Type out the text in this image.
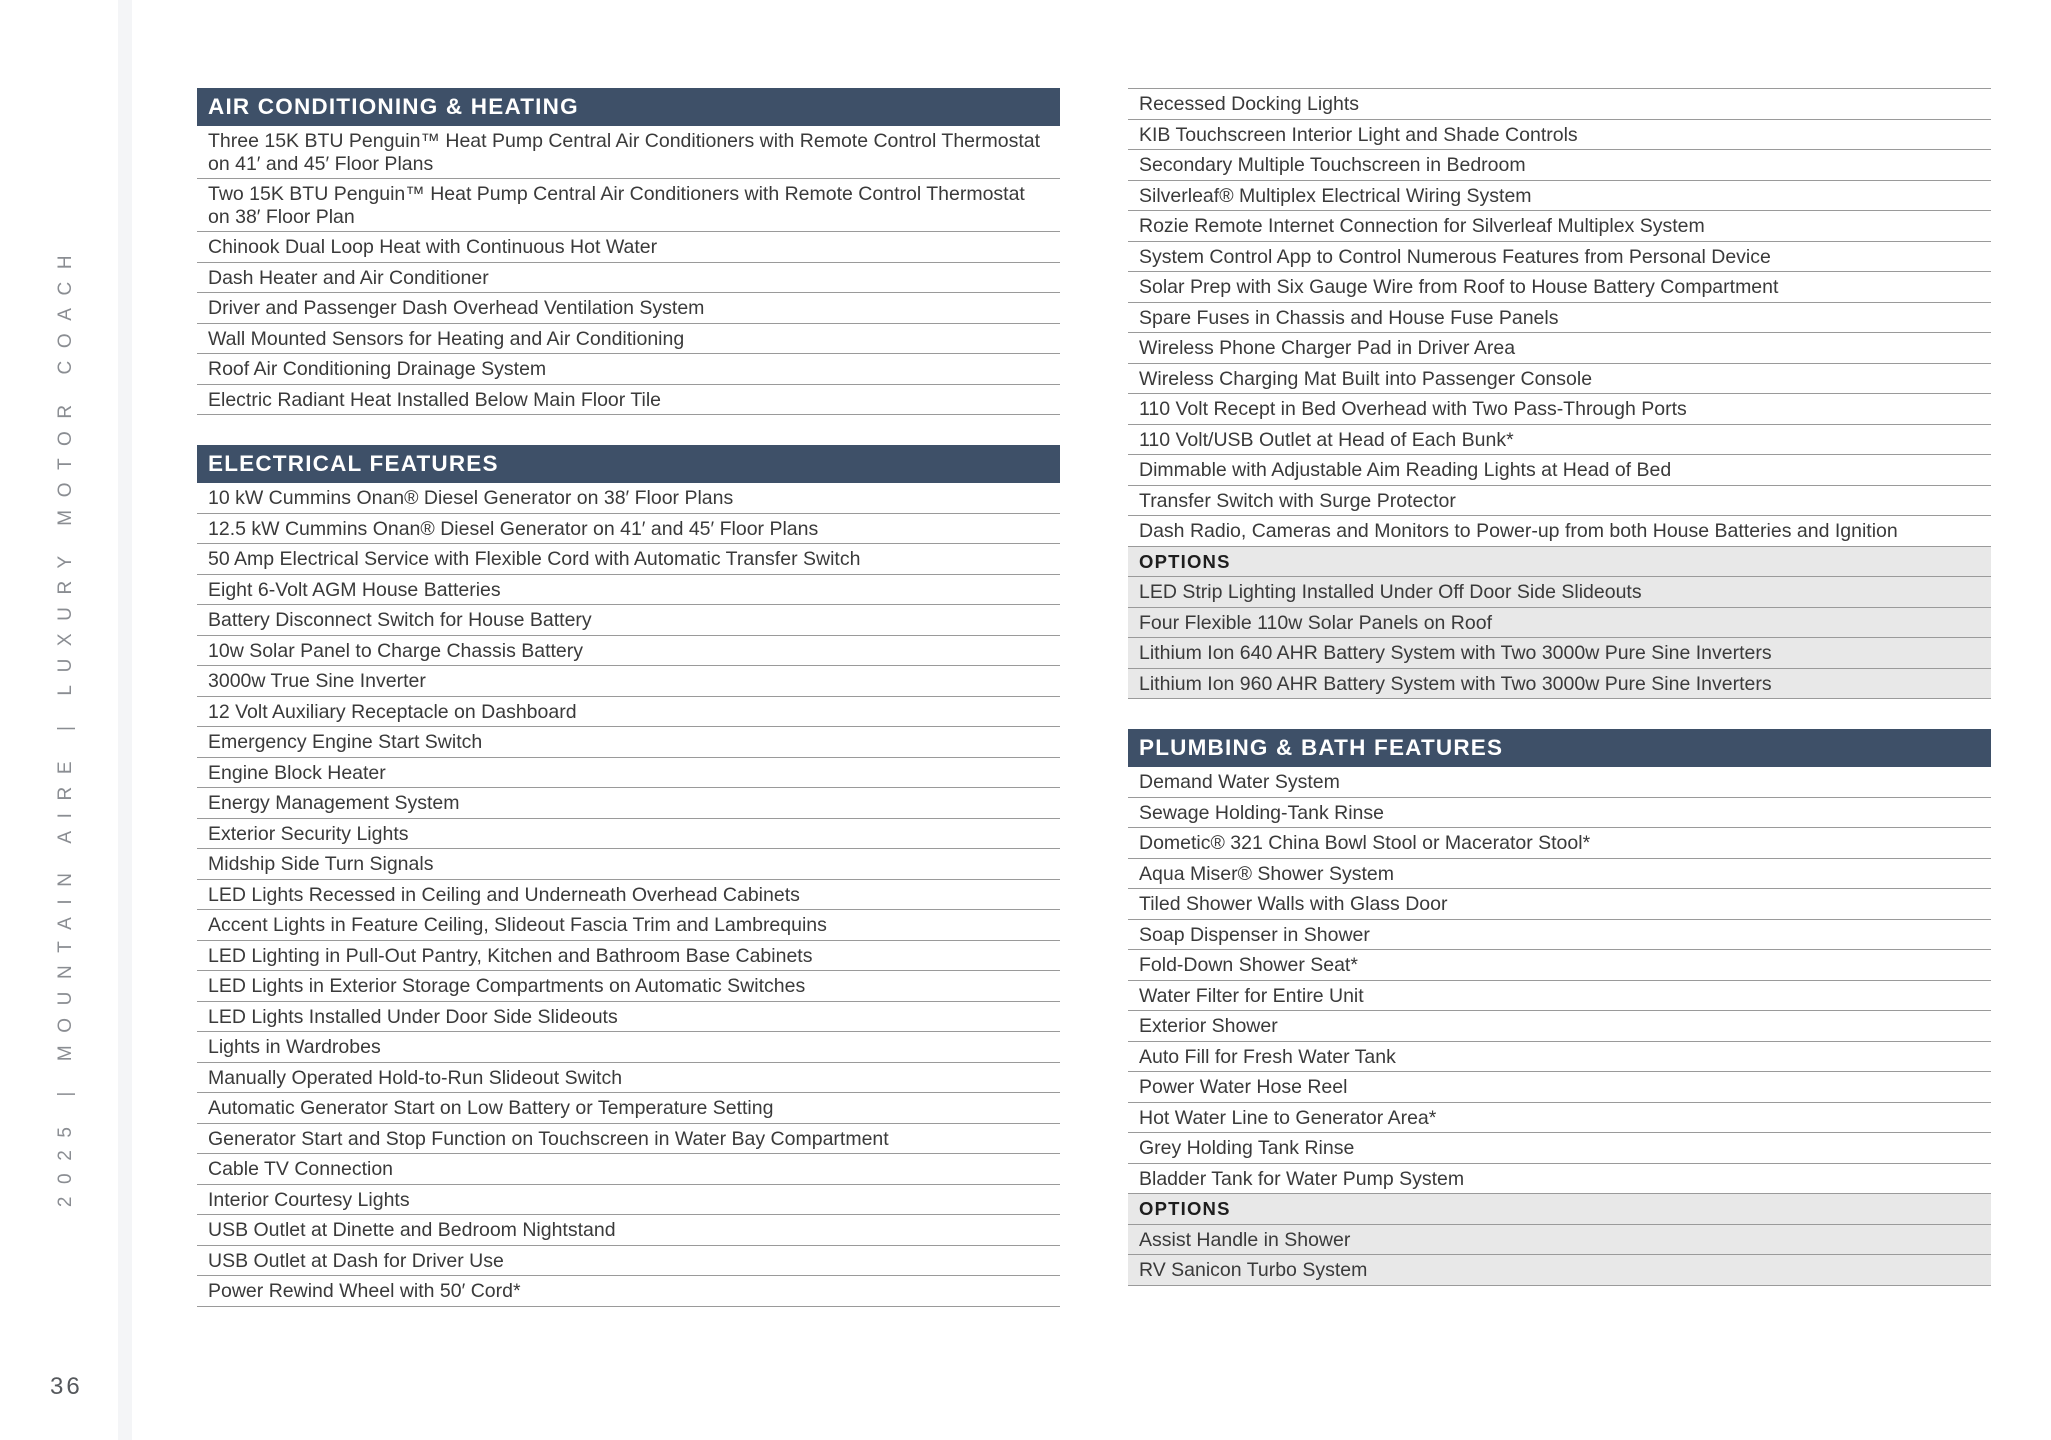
2025 | MOUNTAIN AIRE | LUXURY MOTOR COACH
36
AIR CONDITIONING & HEATING
Three 15K BTU Penguin™ Heat Pump Central Air Conditioners with Remote Control Thermostat on 41′ and 45′ Floor Plans
Two 15K BTU Penguin™ Heat Pump Central Air Conditioners with Remote Control Thermostat on 38′ Floor Plan
Chinook Dual Loop Heat with Continuous Hot Water
Dash Heater and Air Conditioner
Driver and Passenger Dash Overhead Ventilation System
Wall Mounted Sensors for Heating and Air Conditioning
Roof Air Conditioning Drainage System
Electric Radiant Heat Installed Below Main Floor Tile
ELECTRICAL FEATURES
10 kW Cummins Onan® Diesel Generator on 38′ Floor Plans
12.5 kW Cummins Onan® Diesel Generator on 41′ and 45′ Floor Plans
50 Amp Electrical Service with Flexible Cord with Automatic Transfer Switch
Eight 6-Volt AGM House Batteries
Battery Disconnect Switch for House Battery
10w Solar Panel to Charge Chassis Battery
3000w True Sine Inverter
12 Volt Auxiliary Receptacle on Dashboard
Emergency Engine Start Switch
Engine Block Heater
Energy Management System
Exterior Security Lights
Midship Side Turn Signals
LED Lights Recessed in Ceiling and Underneath Overhead Cabinets
Accent Lights in Feature Ceiling, Slideout Fascia Trim and Lambrequins
LED Lighting in Pull-Out Pantry, Kitchen and Bathroom Base Cabinets
LED Lights in Exterior Storage Compartments on Automatic Switches
LED Lights Installed Under Door Side Slideouts
Lights in Wardrobes
Manually Operated Hold-to-Run Slideout Switch
Automatic Generator Start on Low Battery or Temperature Setting
Generator Start and Stop Function on Touchscreen in Water Bay Compartment
Cable TV Connection
Interior Courtesy Lights
USB Outlet at Dinette and Bedroom Nightstand
USB Outlet at Dash for Driver Use
Power Rewind Wheel with 50′ Cord*
Recessed Docking Lights
KIB Touchscreen Interior Light and Shade Controls
Secondary Multiple Touchscreen in Bedroom
Silverleaf® Multiplex Electrical Wiring System
Rozie Remote Internet Connection for Silverleaf Multiplex System
System Control App to Control Numerous Features from Personal Device
Solar Prep with Six Gauge Wire from Roof to House Battery Compartment
Spare Fuses in Chassis and House Fuse Panels
Wireless Phone Charger Pad in Driver Area
Wireless Charging Mat Built into Passenger Console
110 Volt Recept in Bed Overhead with Two Pass-Through Ports
110 Volt/USB Outlet at Head of Each Bunk*
Dimmable with Adjustable Aim Reading Lights at Head of Bed
Transfer Switch with Surge Protector
Dash Radio, Cameras and Monitors to Power-up from both House Batteries and Ignition
OPTIONS
LED Strip Lighting Installed Under Off Door Side Slideouts
Four Flexible 110w Solar Panels on Roof
Lithium Ion 640 AHR Battery System with Two 3000w Pure Sine Inverters
Lithium Ion 960 AHR Battery System with Two 3000w Pure Sine Inverters
PLUMBING & BATH FEATURES
Demand Water System
Sewage Holding-Tank Rinse
Dometic® 321 China Bowl Stool or Macerator Stool*
Aqua Miser® Shower System
Tiled Shower Walls with Glass Door
Soap Dispenser in Shower
Fold-Down Shower Seat*
Water Filter for Entire Unit
Exterior Shower
Auto Fill for Fresh Water Tank
Power Water Hose Reel
Hot Water Line to Generator Area*
Grey Holding Tank Rinse
Bladder Tank for Water Pump System
OPTIONS
Assist Handle in Shower
RV Sanicon Turbo System
